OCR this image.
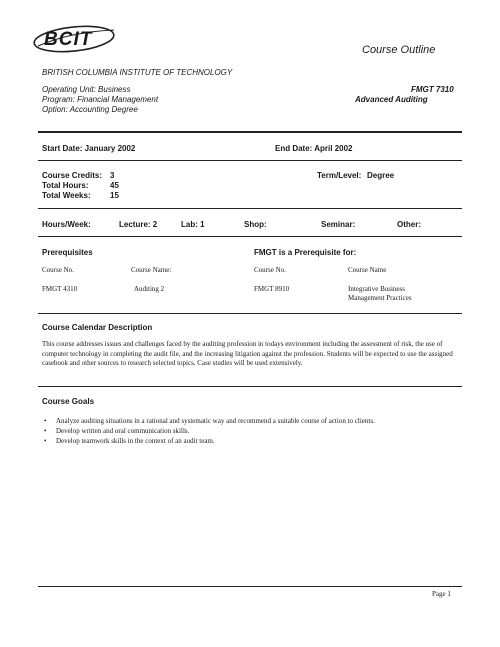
BCIT	Course Outline
BRITISH COLUMBIA INSTITUTE OF TECHNOLOGY
Operating Unit: Business
Program: Financial Management
Option: Accounting Degree
FMGT 7310
Advanced Auditing
Start Date: January 2002	End Date: April 2002
Course Credits: 3
Total Hours:	45
Total Weeks: 15
Term/Level: Degree
Hours/Week:	Lecture: 2	Lab: 1	Shop:	Seminar:	Other:
Prerequisites	FMGT is a Prerequisite for:
Course No.	Course Name:	Course No.	Course Name
FMGT 4310	Auditing 2	FMGT 8910	Integrative Business
Management Practices
Course Calendar Description
This course addresses issues and challenges faced by the auditing profession in todays environment including the assessment of risk, the use of computer technology in completing the audit file, and the increasing litigation against the profession. Students will be expected to use the assigned casebook and other sources to research selected topics. Case studies will be used extensively.
Course Goals
• Analyze auditing situations in a rational and systematic way and recommend a suitable course of action to clients.
• Develop written and oral communication skills.
• Develop teamwork skills in the context of an audit team.
Page 1
